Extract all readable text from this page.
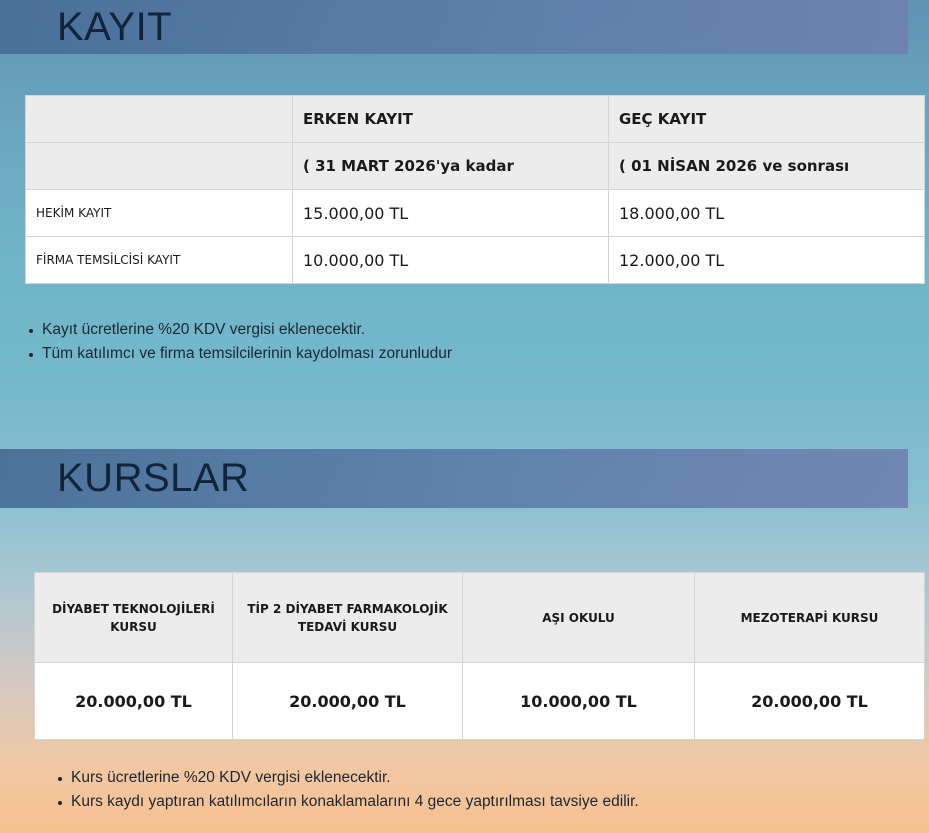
KAYIT
	ERKEN KAYIT	GEÇ KAYIT
	( 31 MART 2026'ya kadar	( 01 NİSAN 2026 ve sonrası
HEKİM KAYIT	15.000,00 TL	18.000,00 TL
FİRMA TEMSİLCİSİ KAYIT	10.000,00 TL	12.000,00 TL
Kayıt ücretlerine %20 KDV vergisi eklenecektir.
Tüm katılımcı ve firma temsilcilerinin kaydolması zorunludur
KURSLAR
DİYABET TEKNOLOJİLERİ KURSU	TİP 2 DİYABET FARMAKOLOJİK TEDAVİ KURSU	AŞI OKULU	MEZOTERAPİ KURSU
20.000,00 TL	20.000,00 TL	10.000,00 TL	20.000,00 TL
Kurs ücretlerine %20 KDV vergisi eklenecektir.
Kurs kaydı yaptıran katılımcıların konaklamalarını 4 gece yaptırılması tavsiye edilir.
